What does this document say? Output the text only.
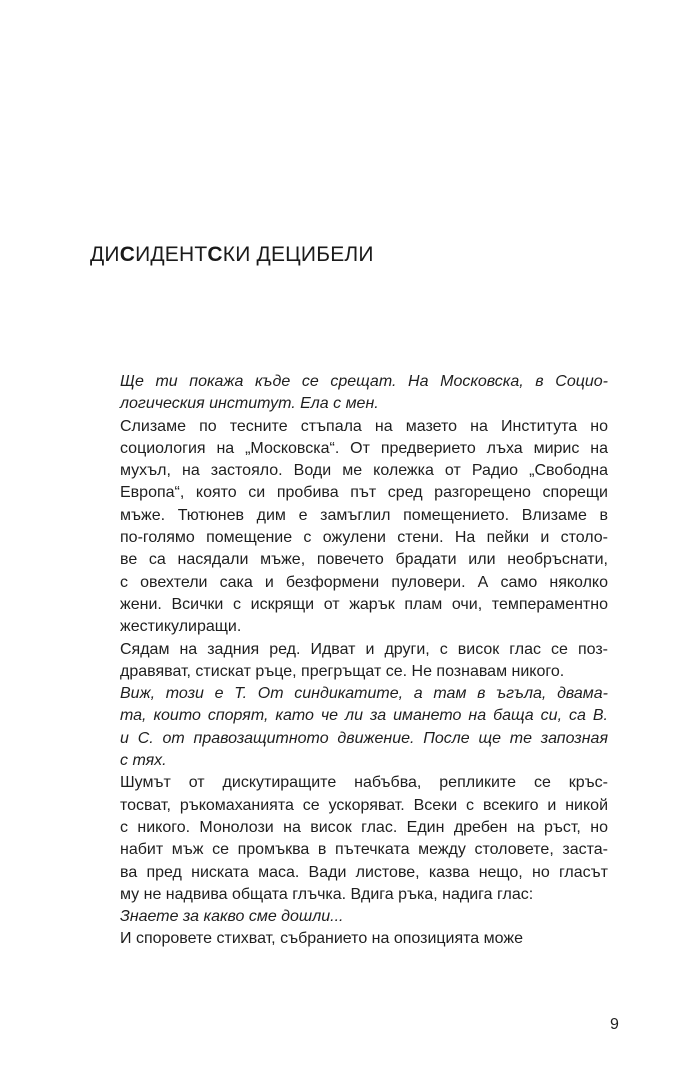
ДИСИДЕНТСКИ ДЕЦИБЕЛИ

Ще ти покажа къде се срещат. На Московска, в Социо-
логическия институт. Ела с мен.

Слизаме по тесните стъпала на мазето на Института но
социология на „Московска“. От предверието лъха мирис на
мухъл, на застояло. Води ме колежка от Радио „Свободна
Европа“, която си пробива път сред разгорещено спорещи
мъже. Тютюнев дим е замъглил помещението. Влизаме в
по-голямо помещение с ожулени стени. На пейки и столо-
ве са насядали мъже, повечето брадати или необръснати,
с овехтели сака и безформени пуловери. А само няколко
жени. Всички с искрящи от жарък плам очи, темпераментно
жестикулиращи.

Сядам на задния ред. Идват и други, с висок глас се поз-
дравяват, стискат ръце, прегръщат се. Не познавам никого.

Виж, този е Т. От синдикатите, а там в ъгъла, двама-
та, които спорят, като че ли за имането на баща си, са В.
и С. от правозащитното движение. После ще те запозная
с тях.

Шумът от дискутиращите набъбва, репликите се кръс-
тосват, ръкомаханията се ускоряват. Всеки с всекиго и никой
с никого. Монолози на висок глас. Един дребен на ръст, но
набит мъж се промъква в пътечката между столовете, заста-
ва пред ниската маса. Вади листове, казва нещо, но гласът
му не надвива общата глъчка. Вдига ръка, надига глас:

Знаете за какво сме дошли...

И споровете стихват, събранието на опозицията може

9
